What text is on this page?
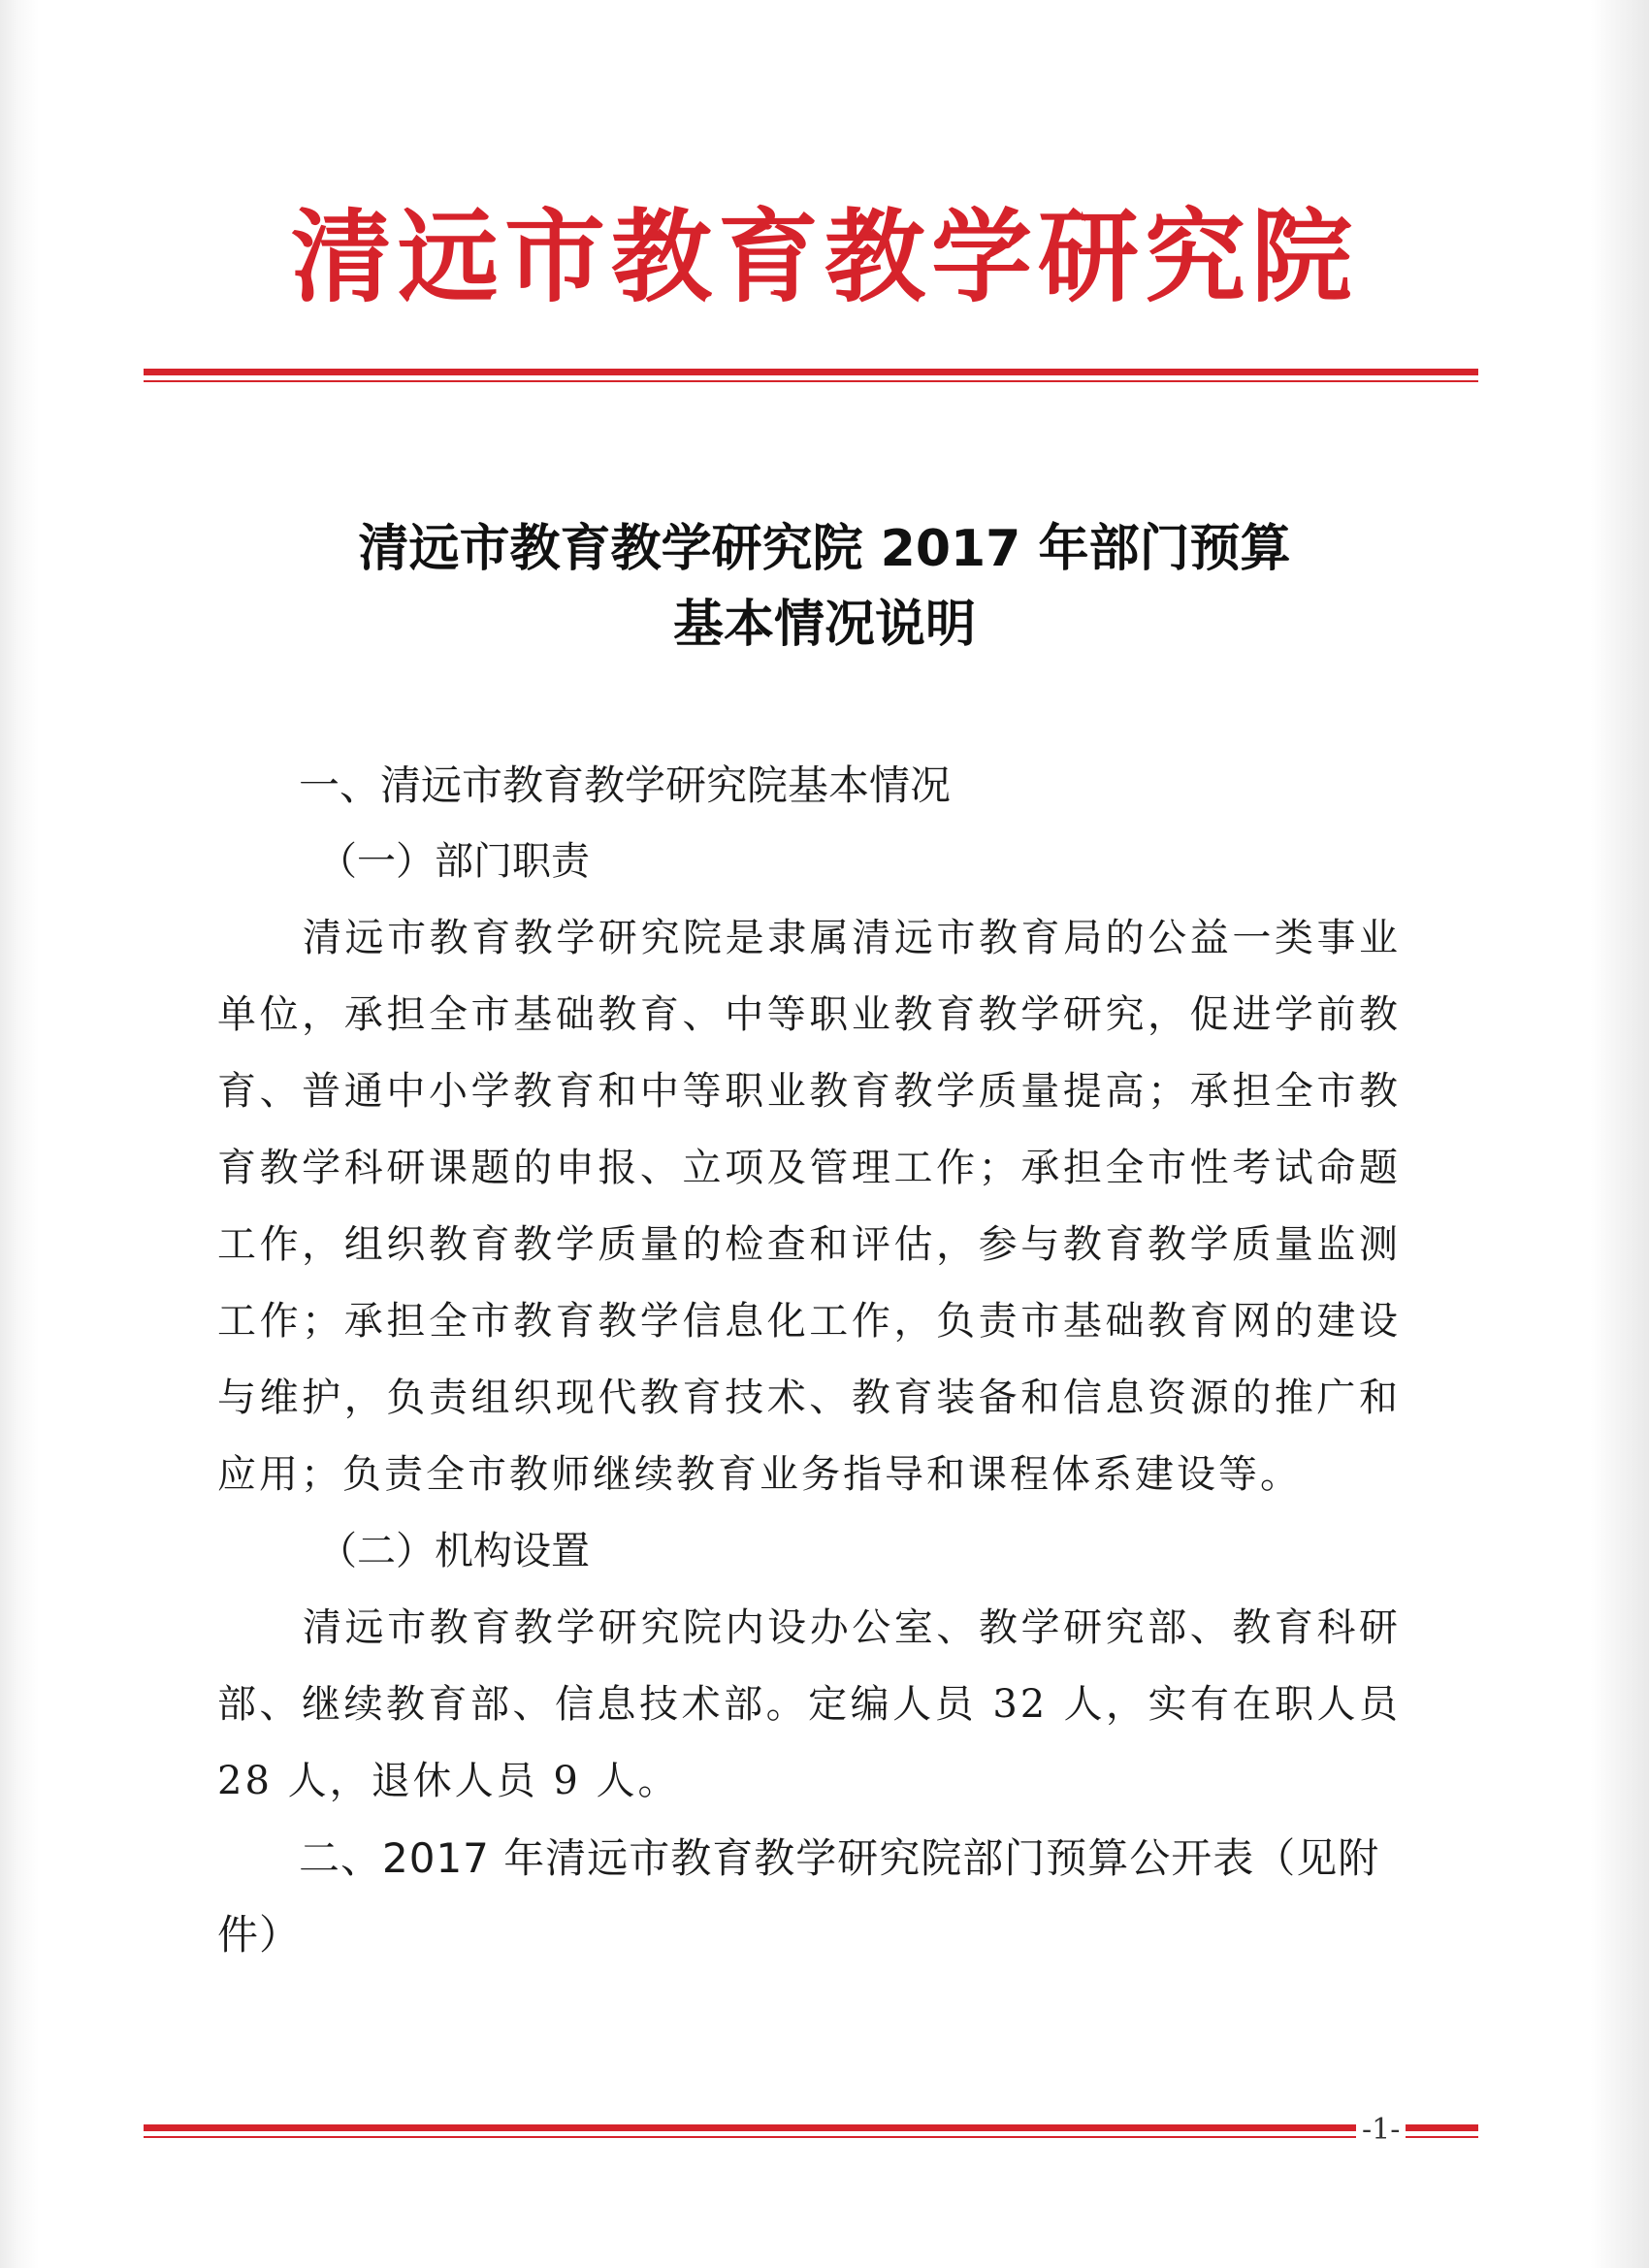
清远市教育教学研究院
清远市教育教学研究院 2017 年部门预算
基本情况说明

一、清远市教育教学研究院基本情况

（一）部门职责

清远市教育教学研究院是隶属清远市教育局的公益一类事业单位，承担全市基础教育、中等职业教育教学研究，促进学前教育、普通中小学教育和中等职业教育教学质量提高；承担全市教育教学科研课题的申报、立项及管理工作；承担全市性考试命题工作，组织教育教学质量的检查和评估，参与教育教学质量监测工作；承担全市教育教学信息化工作，负责市基础教育网的建设与维护，负责组织现代教育技术、教育装备和信息资源的推广和应用；负责全市教师继续教育业务指导和课程体系建设等。

（二）机构设置

清远市教育教学研究院内设办公室、教学研究部、教育科研部、继续教育部、信息技术部。定编人员 32 人，实有在职人员 28 人，退休人员 9 人。

二、2017 年清远市教育教学研究院部门预算公开表（见附件）

-1-
